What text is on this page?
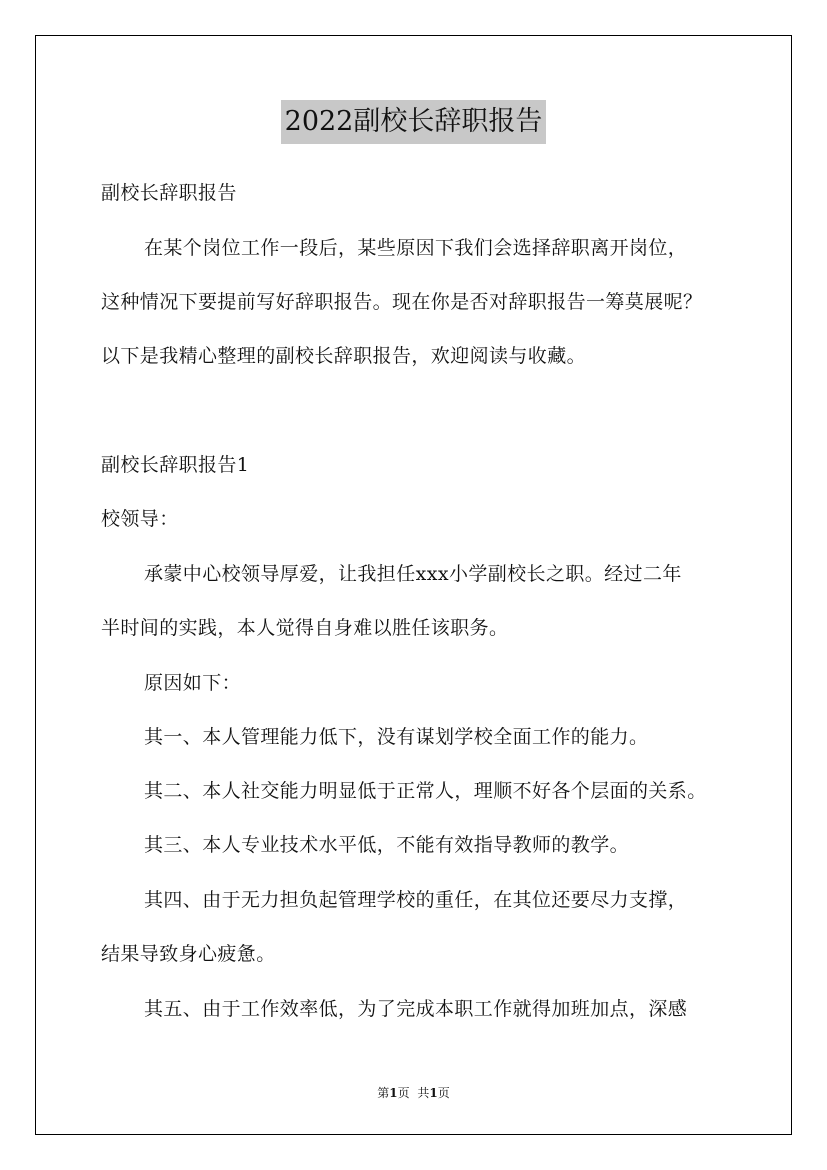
2022副校长辞职报告
副校长辞职报告
在某个岗位工作一段后，某些原因下我们会选择辞职离开岗位，
这种情况下要提前写好辞职报告。现在你是否对辞职报告一筹莫展呢？
以下是我精心整理的副校长辞职报告，欢迎阅读与收藏。
副校长辞职报告1
校领导：
承蒙中心校领导厚爱，让我担任xxx小学副校长之职。经过二年
半时间的实践，本人觉得自身难以胜任该职务。
原因如下：
其一、本人管理能力低下，没有谋划学校全面工作的能力。
其二、本人社交能力明显低于正常人，理顺不好各个层面的关系。
其三、本人专业技术水平低，不能有效指导教师的教学。
其四、由于无力担负起管理学校的重任，在其位还要尽力支撑，
结果导致身心疲惫。
其五、由于工作效率低，为了完成本职工作就得加班加点，深感
第1页 共1页
